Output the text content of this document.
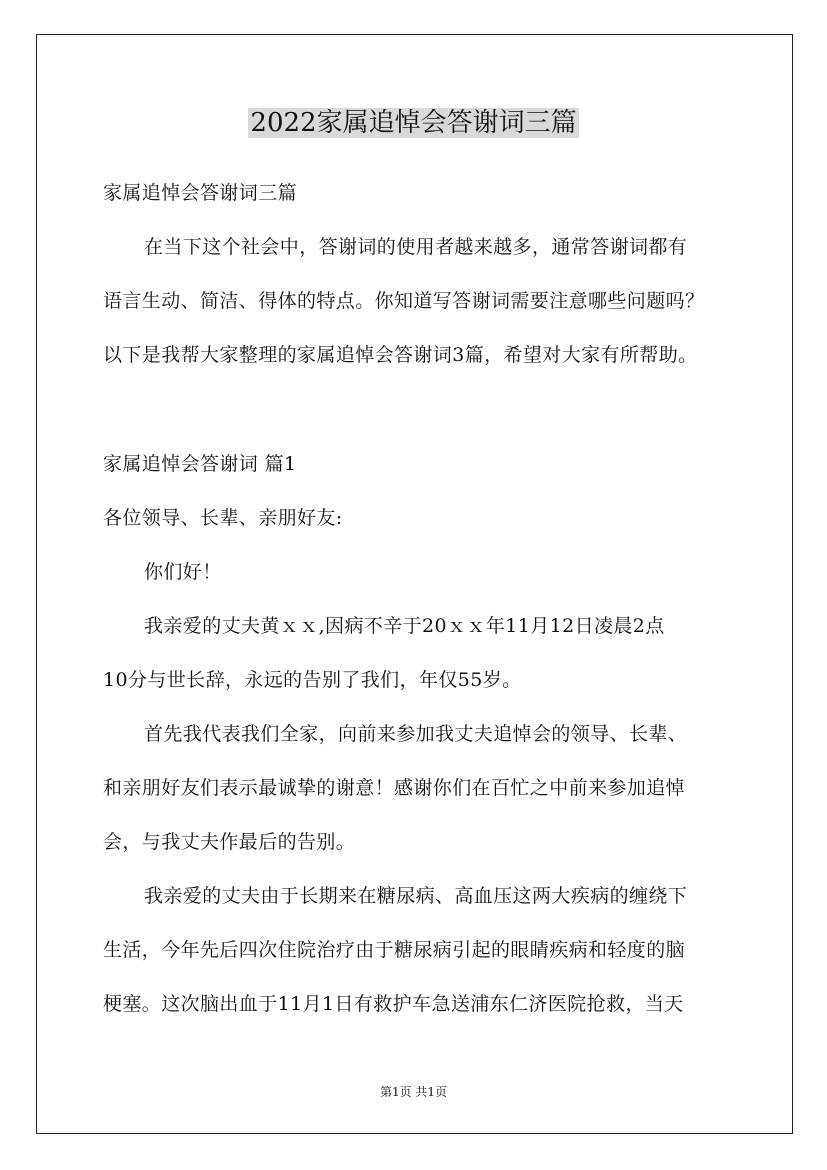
2022家属追悼会答谢词三篇

家属追悼会答谢词三篇

在当下这个社会中，答谢词的使用者越来越多，通常答谢词都有

语言生动、简洁、得体的特点。你知道写答谢词需要注意哪些问题吗？

以下是我帮大家整理的家属追悼会答谢词3篇，希望对大家有所帮助。

家属追悼会答谢词 篇1

各位领导、长辈、亲朋好友:

你们好！

我亲爱的丈夫黄ｘｘ,因病不辛于20ｘｘ年11月12日凌晨2点

10分与世长辞，永远的告别了我们，年仅55岁。

首先我代表我们全家，向前来参加我丈夫追悼会的领导、长辈、

和亲朋好友们表示最诚挚的谢意！感谢你们在百忙之中前来参加追悼

会，与我丈夫作最后的告别。

我亲爱的丈夫由于长期来在糖尿病、高血压这两大疾病的缠绕下

生活，今年先后四次住院治疗由于糖尿病引起的眼睛疾病和轻度的脑

梗塞。这次脑出血于11月1日有救护车急送浦东仁济医院抢救，当天

第1页 共1页
